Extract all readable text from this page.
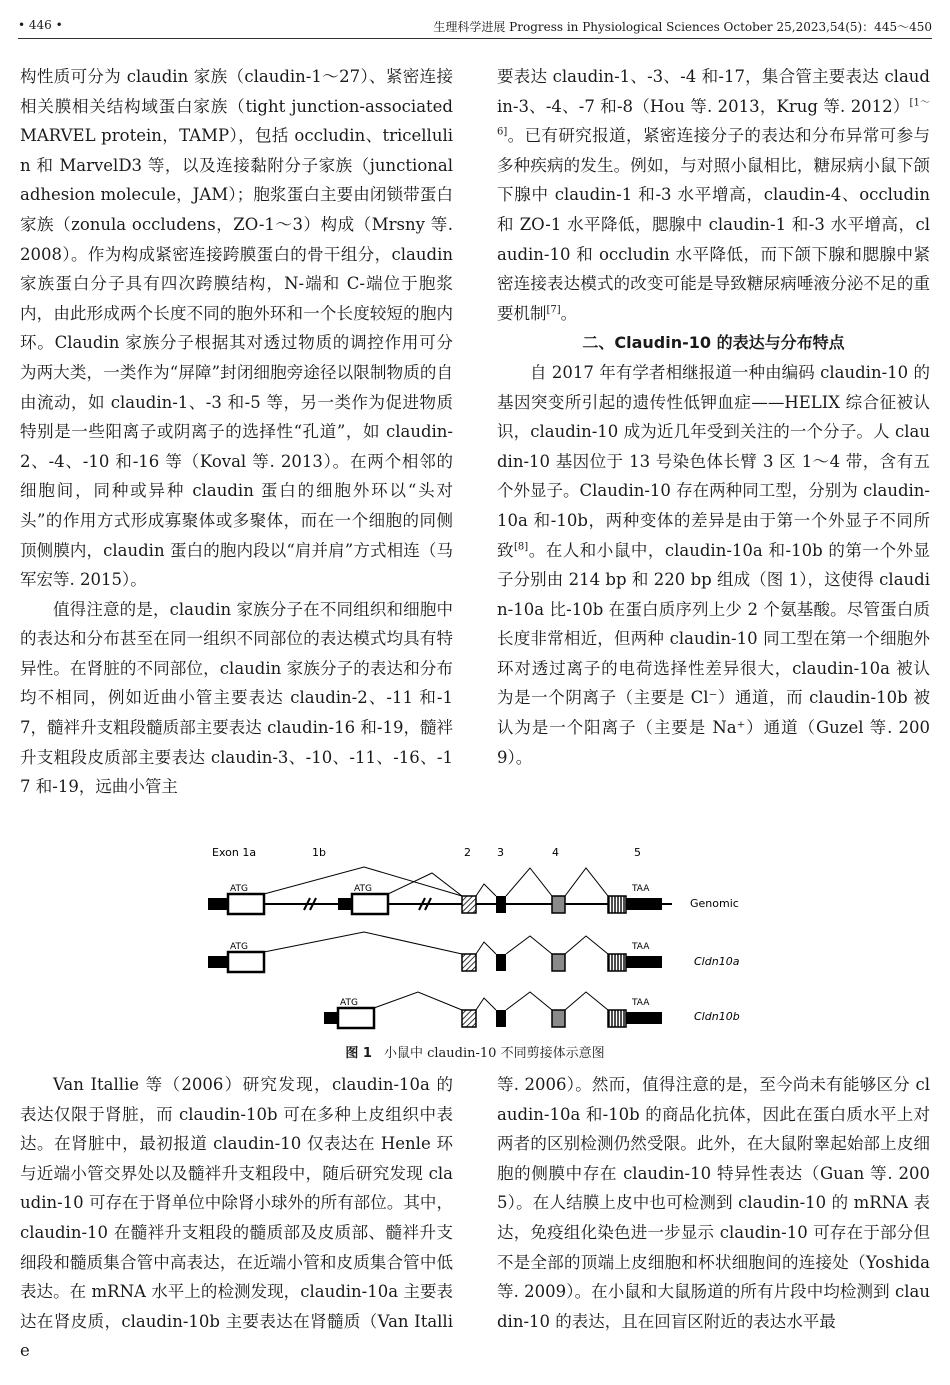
• 446 •	生理科学进展 Progress in Physiological Sciences October 25,2023,54(5)：445～450

构性质可分为 claudin 家族（claudin-1～27）、紧密连接相关膜相关结构域蛋白家族（tight junction-associated MARVEL protein，TAMP），包括 occludin、tricellulin 和 MarvelD3 等，以及连接黏附分子家族（junctional adhesion molecule，JAM）；胞浆蛋白主要由闭锁带蛋白家族（zonula occludens，ZO-1～3）构成（Mrsny 等. 2008）。作为构成紧密连接跨膜蛋白的骨干组分，claudin 家族蛋白分子具有四次跨膜结构，N-端和 C-端位于胞浆内，由此形成两个长度不同的胞外环和一个长度较短的胞内环。Claudin 家族分子根据其对透过物质的调控作用可分为两大类，一类作为“屏障”封闭细胞旁途径以限制物质的自由流动，如 claudin-1、-3 和-5 等，另一类作为促进物质特别是一些阳离子或阴离子的选择性“孔道”，如 claudin-2、-4、-10 和-16 等（Koval 等. 2013）。在两个相邻的细胞间，同种或异种 claudin 蛋白的细胞外环以“头对头”的作用方式形成寡聚体或多聚体，而在一个细胞的同侧顶侧膜内，claudin 蛋白的胞内段以“肩并肩”方式相连（马军宏等. 2015）。

值得注意的是，claudin 家族分子在不同组织和细胞中的表达和分布甚至在同一组织不同部位的表达模式均具有特异性。在肾脏的不同部位，claudin 家族分子的表达和分布均不相同，例如近曲小管主要表达 claudin-2、-11 和-17，髓袢升支粗段髓质部主要表达 claudin-16 和-19，髓袢升支粗段皮质部主要表达 claudin-3、-10、-11、-16、-17 和-19，远曲小管主

要表达 claudin-1、-3、-4 和-17，集合管主要表达 claudin-3、-4、-7 和-8（Hou 等. 2013，Krug 等. 2012）[1～6]。已有研究报道，紧密连接分子的表达和分布异常可参与多种疾病的发生。例如，与对照小鼠相比，糖尿病小鼠下颌下腺中 claudin-1 和-3 水平增高，claudin-4、occludin 和 ZO-1 水平降低，腮腺中 claudin-1 和-3 水平增高，claudin-10 和 occludin 水平降低，而下颌下腺和腮腺中紧密连接表达模式的改变可能是导致糖尿病唾液分泌不足的重要机制[7]。

二、Claudin-10 的表达与分布特点

自 2017 年有学者相继报道一种由编码 claudin-10 的基因突变所引起的遗传性低钾血症——HELIX 综合征被认识，claudin-10 成为近几年受到关注的一个分子。人 claudin-10 基因位于 13 号染色体长臂 3 区 1～4 带，含有五个外显子。Claudin-10 存在两种同工型，分别为 claudin-10a 和-10b，两种变体的差异是由于第一个外显子不同所致[8]。在人和小鼠中，claudin-10a 和-10b 的第一个外显子分别由 214 bp 和 220 bp 组成（图 1），这使得 claudin-10a 比-10b 在蛋白质序列上少 2 个氨基酸。尽管蛋白质长度非常相近，但两种 claudin-10 同工型在第一个细胞外环对透过离子的电荷选择性差异很大，claudin-10a 被认为是一个阴离子（主要是 Cl⁻）通道，而 claudin-10b 被认为是一个阳离子（主要是 Na⁺）通道（Guzel 等. 2009）。

Exon 1a	1b	2 3	4	5
ATG	ATG	TAA
Genomic
ATG	TAA
Cldn10a
ATG	TAA
Cldn10b
图 1 小鼠中 claudin-10 不同剪接体示意图

Van Itallie 等（2006）研究发现，claudin-10a 的表达仅限于肾脏，而 claudin-10b 可在多种上皮组织中表达。在肾脏中，最初报道 claudin-10 仅表达在 Henle 环与近端小管交界处以及髓袢升支粗段中，随后研究发现 claudin-10 可存在于肾单位中除肾小球外的所有部位。其中，claudin-10 在髓袢升支粗段的髓质部及皮质部、髓袢升支细段和髓质集合管中高表达，在近端小管和皮质集合管中低表达。在 mRNA 水平上的检测发现，claudin-10a 主要表达在肾皮质，claudin-10b 主要表达在肾髓质（Van Itallie

等. 2006）。然而，值得注意的是，至今尚未有能够区分 claudin-10a 和-10b 的商品化抗体，因此在蛋白质水平上对两者的区别检测仍然受限。此外，在大鼠附睾起始部上皮细胞的侧膜中存在 claudin-10 特异性表达（Guan 等. 2005）。在人结膜上皮中也可检测到 claudin-10 的 mRNA 表达，免疫组化染色进一步显示 claudin-10 可存在于部分但不是全部的顶端上皮细胞和杯状细胞间的连接处（Yoshida 等. 2009）。在小鼠和大鼠肠道的所有片段中均检测到 claudin-10 的表达，且在回盲区附近的表达水平最
